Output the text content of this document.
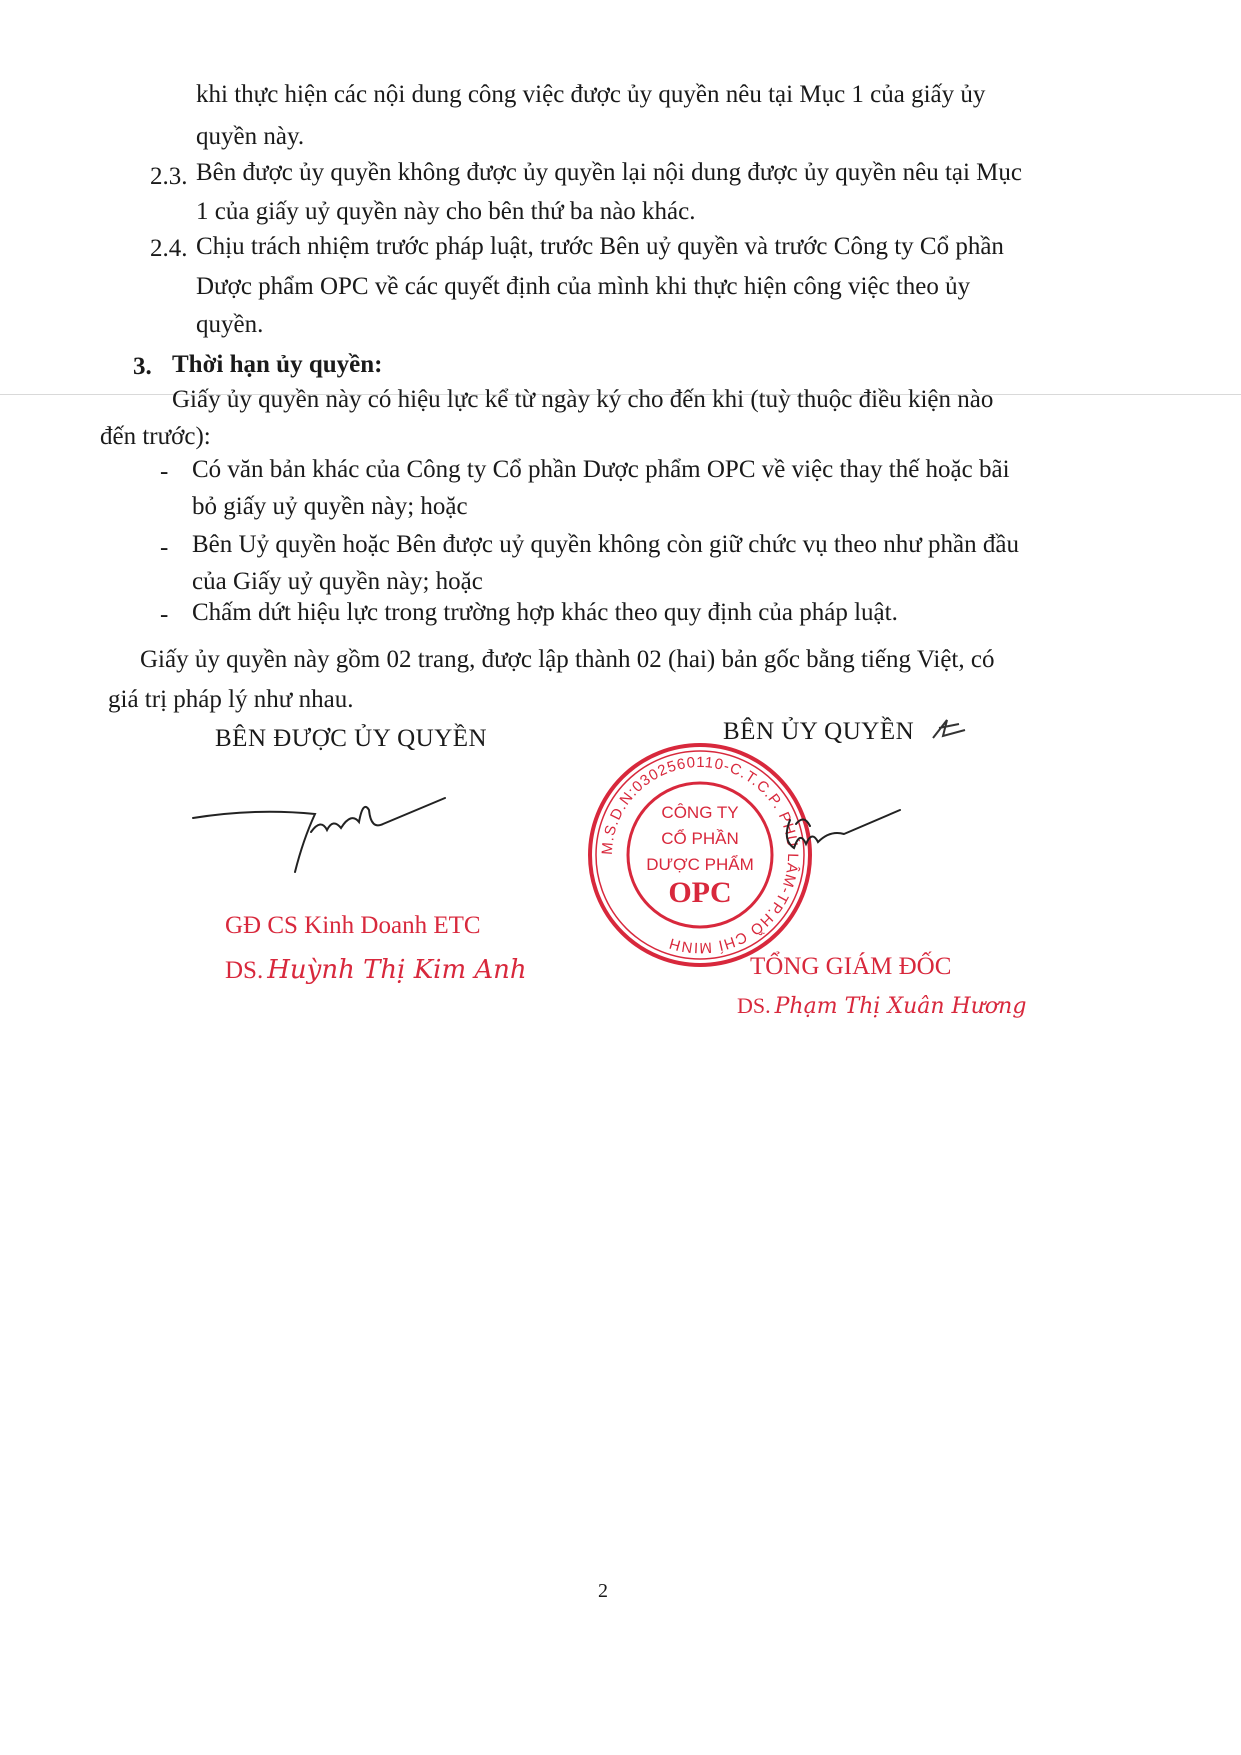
khi thực hiện các nội dung công việc được ủy quyền nêu tại Mục 1 của giấy ủy
quyền này.
2.3. Bên được ủy quyền không được ủy quyền lại nội dung được ủy quyền nêu tại Mục
1 của giấy uỷ quyền này cho bên thứ ba nào khác.
2.4. Chịu trách nhiệm trước pháp luật, trước Bên uỷ quyền và trước Công ty Cổ phần
Dược phẩm OPC về các quyết định của mình khi thực hiện công việc theo ủy
quyền.
3. Thời hạn ủy quyền:
Giấy ủy quyền này có hiệu lực kể từ ngày ký cho đến khi (tuỳ thuộc điều kiện nào
đến trước):
- Có văn bản khác của Công ty Cổ phần Dược phẩm OPC về việc thay thế hoặc bãi
bỏ giấy uỷ quyền này; hoặc
- Bên Uỷ quyền hoặc Bên được uỷ quyền không còn giữ chức vụ theo như phần đầu
của Giấy uỷ quyền này; hoặc
- Chấm dứt hiệu lực trong trường hợp khác theo quy định của pháp luật.
Giấy ủy quyền này gồm 02 trang, được lập thành 02 (hai) bản gốc bằng tiếng Việt, có
giá trị pháp lý như nhau.
BÊN ĐƯỢC ỦY QUYỀN	BÊN ỦY QUYỀN
GĐ CS Kinh Doanh ETC
DS. Huỳnh Thị Kim Anh
M.S.D.N:0302560110-C.T.C.P. PHÚ LÂM-TP.HỒ CHÍ MINH
CÔNG TY
CỔ PHẦN
DƯỢC PHẨM
OPC
TỔNG GIÁM ĐỐC
DS. Phạm Thị Xuân Hương
2
